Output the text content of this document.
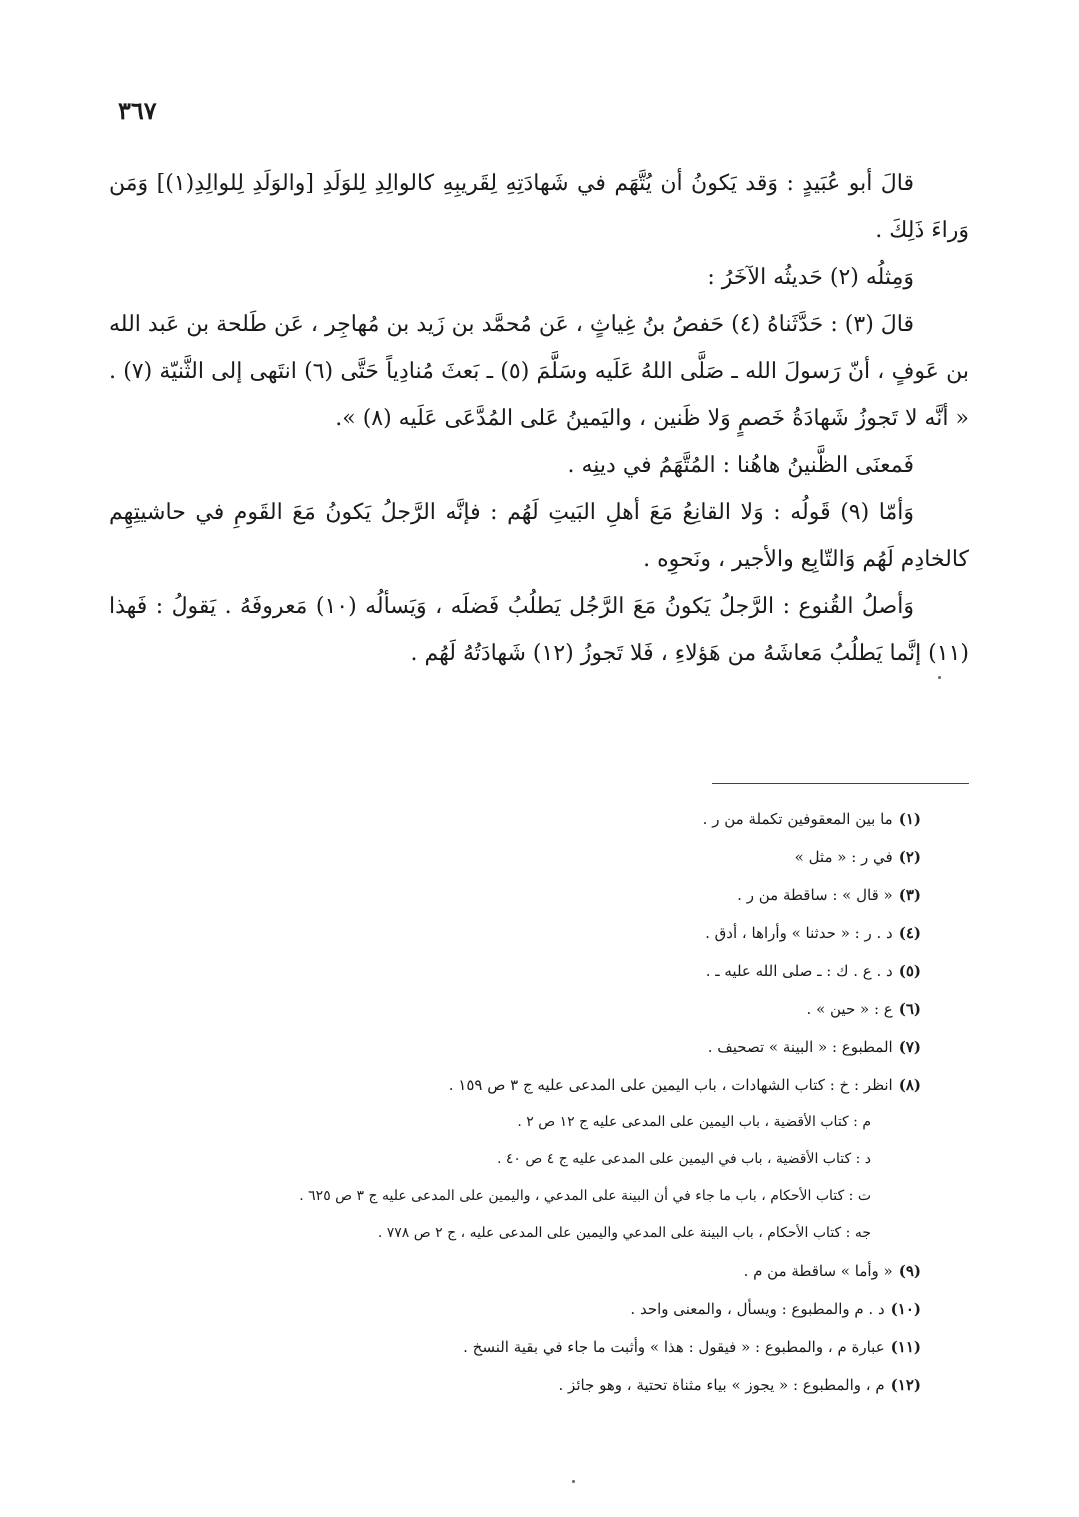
٣٦٧

قالَ أبو عُبَيدٍ : وَقد يَكونُ أن يُتَّهَم في شَهادَتِهِ لِقَريبِهِ كالوالِدِ لِلوَلَدِ [والوَلَدِ لِلوالِدِ(١)] وَمَن وَراءَ ذَلِكَ .

وَمِثلُه (٢) حَديثُه الآخَرُ :

قالَ (٣) : حَدَّثَناهُ (٤) حَفصُ بنُ غِياثٍ ، عَن مُحمَّد بن زَيد بن مُهاجِر ، عَن طَلحة بن عَبد الله بن عَوفٍ ، أنّ رَسولَ الله ـ صَلَّى اللهُ عَلَيه وسَلَّمَ (٥) ـ بَعثَ مُنادِياً حَتَّى (٦) انتَهى إلى الثَّنيّة (٧) . « أنَّه لا تَجوزُ شَهادَةُ خَصمٍ وَلا ظَنين ، واليَمينُ عَلى المُدَّعَى عَلَيه (٨) ».

فَمعنَى الظَّنينُ هاهُنا : المُتَّهَمُ في دينِه .

وَأمّا (٩) قَولُه : وَلا القانِعُ مَعَ أهلِ البَيتِ لَهُم : فإنَّه الرَّجلُ يَكونُ مَعَ القَومِ في حاشيتِهِم كالخادِم لَهُم وَالتّابِع والأجير ، ونَحوِه .

وَأصلُ القُنوع : الرَّجلُ يَكونُ مَعَ الرَّجُل يَطلُبُ فَضلَه ، وَيَسألُه (١٠) مَعروفَهُ . يَقولُ : فَهذا (١١) إنَّما يَطلُبُ مَعاشَهُ من هَؤلاءِ ، فَلا تَجوزُ (١٢) شَهادَتُهُ لَهُم .

(١)ما بين المعقوفين تكملة من ر .

(٢)في ر : « مثل »

(٣)« قال » : ساقطة من ر .

(٤)د . ر : « حدثنا » وأراها ، أدق .

(٥)د . ع . ك : ـ صلى الله عليه ـ .

(٦)ع : « حين » .

(٧)المطبوع : « البينة » تصحيف .

(٨)انظر : خ : كتاب الشهادات ، باب اليمين على المدعى عليه ج ٣ ص ١٥٩ .

م : كتاب الأقضية ، باب اليمين على المدعى عليه ج ١٢ ص ٢ .

د : كتاب الأقضية ، باب في اليمين على المدعى عليه ج ٤ ص ٤٠ .

ت : كتاب الأحكام ، باب ما جاء في أن البينة على المدعي ، واليمين على المدعى عليه ج ٣ ص ٦٢٥ .

جه : كتاب الأحكام ، باب البينة على المدعي واليمين على المدعى عليه ، ج ٢ ص ٧٧٨ .

(٩)« وأما » ساقطة من م .

(١٠)د . م والمطبوع : ويسأل ، والمعنى واحد .

(١١)عبارة م ، والمطبوع : « فيقول : هذا » وأثبت ما جاء في بقية النسخ .

(١٢)م ، والمطبوع : « يجوز » بياء مثناة تحتية ، وهو جائز .
